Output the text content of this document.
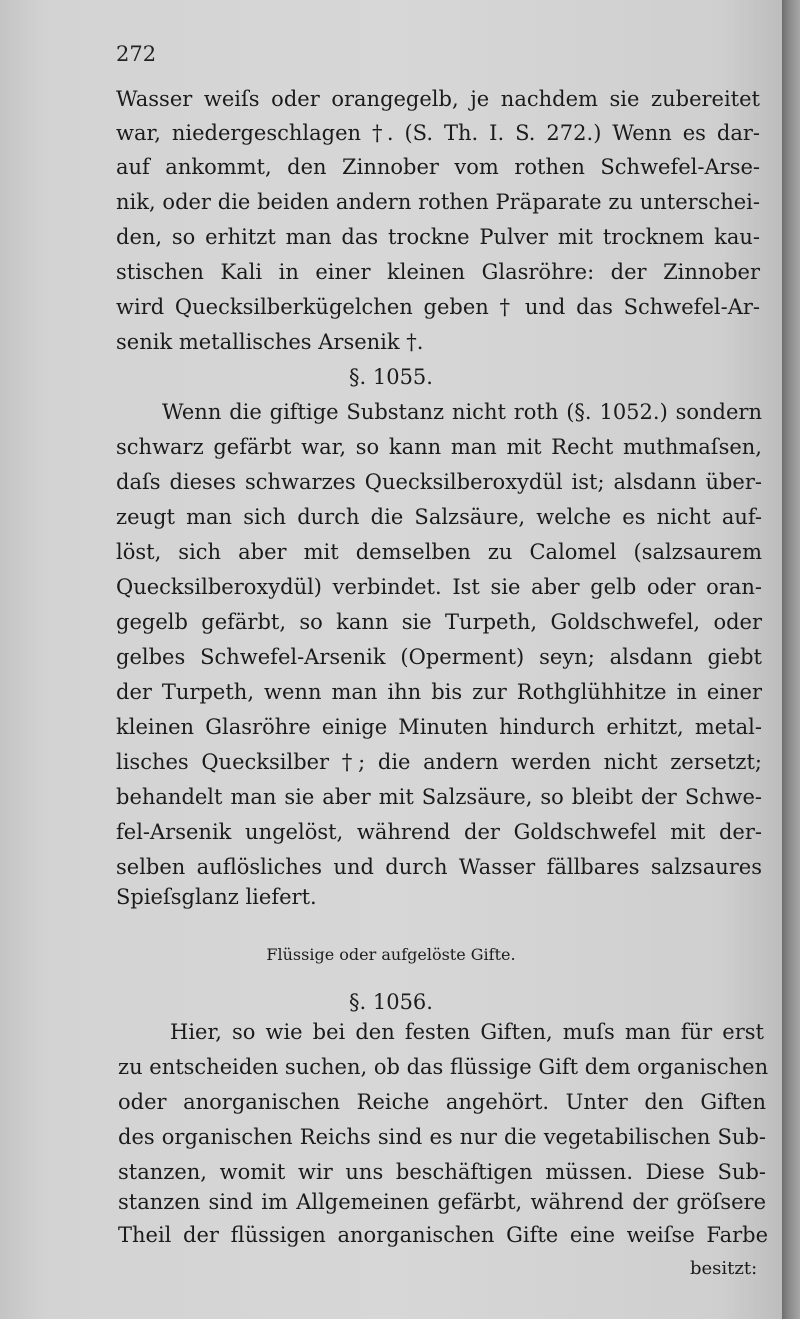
272
Wasser weiſs oder orangegelb, je nachdem sie zubereitet
war, niedergeschlagen †. (S. Th. I. S. 272.) Wenn es dar-
auf ankommt, den Zinnober vom rothen Schwefel-Arse-
nik, oder die beiden andern rothen Präparate zu unterschei-
den, so erhitzt man das trockne Pulver mit trocknem kau-
stischen Kali in einer kleinen Glasröhre: der Zinnober
wird Quecksilberkügelchen geben † und das Schwefel-Ar-
senik metallisches Arsenik †.
§. 1055.
Wenn die giftige Substanz nicht roth (§. 1052.) sondern
schwarz gefärbt war, so kann man mit Recht muthmaſsen,
daſs dieses schwarzes Quecksilberoxydül ist; alsdann über-
zeugt man sich durch die Salzsäure, welche es nicht auf-
löst, sich aber mit demselben zu Calomel (salzsaurem
Quecksilberoxydül) verbindet. Ist sie aber gelb oder oran-
gegelb gefärbt, so kann sie Turpeth, Goldschwefel, oder
gelbes Schwefel-Arsenik (Operment) seyn; alsdann giebt
der Turpeth, wenn man ihn bis zur Rothglühhitze in einer
kleinen Glasröhre einige Minuten hindurch erhitzt, metal-
lisches Quecksilber †; die andern werden nicht zersetzt;
behandelt man sie aber mit Salzsäure, so bleibt der Schwe-
fel-Arsenik ungelöst, während der Goldschwefel mit der-
selben auflösliches und durch Wasser fällbares salzsaures
Spieſsglanz liefert.
Flüssige oder aufgelöste Gifte.
§. 1056.
Hier, so wie bei den festen Giften, muſs man für erst
zu entscheiden suchen, ob das flüssige Gift dem organischen
oder anorganischen Reiche angehört. Unter den Giften
des organischen Reichs sind es nur die vegetabilischen Sub-
stanzen, womit wir uns beschäftigen müssen. Diese Sub-
stanzen sind im Allgemeinen gefärbt, während der gröſsere
Theil der flüssigen anorganischen Gifte eine weiſse Farbe
besitzt:
